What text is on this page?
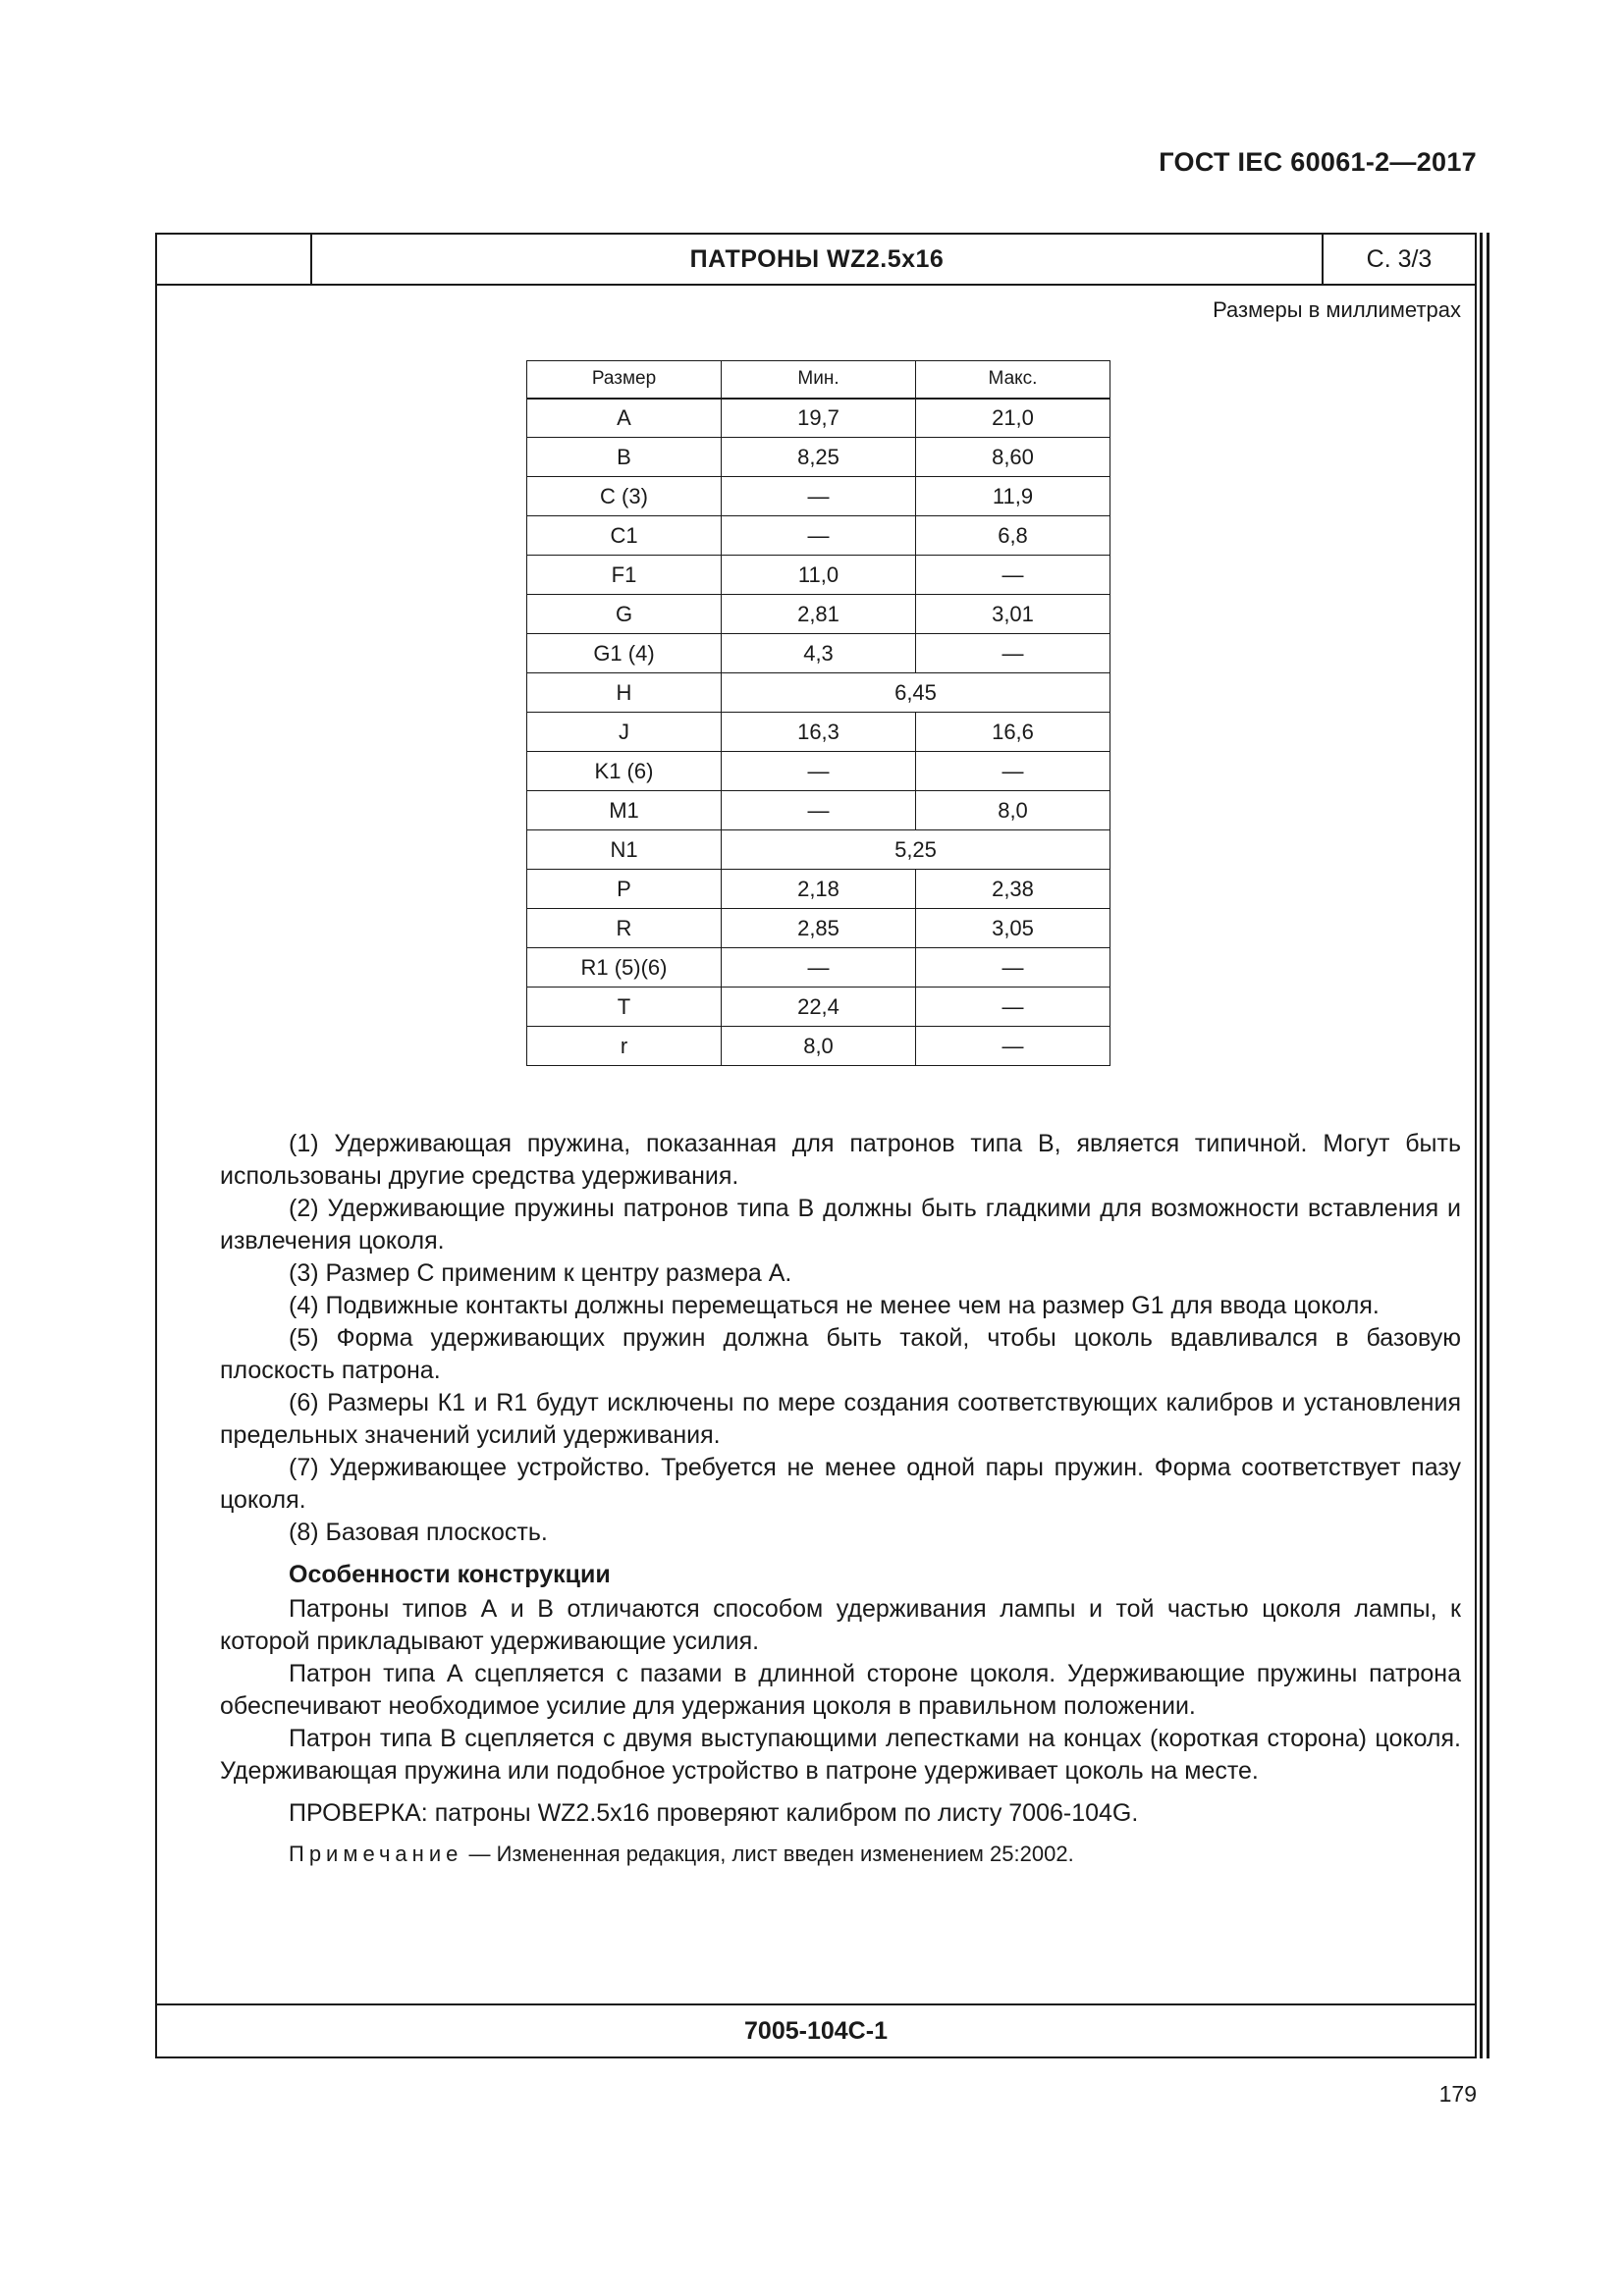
ГОСТ IEC 60061-2—2017
ПАТРОНЫ WZ2.5x16	С. 3/3
Размеры в миллиметрах
Размер	Мин.	Макс.
A	19,7	21,0
B	8,25	8,60
C (3)	—	11,9
C1	—	6,8
F1	11,0	—
G	2,81	3,01
G1 (4)	4,3	—
H	6,45	
J	16,3	16,6
K1 (6)	—	—
M1	—	8,0
N1	5,25	
P	2,18	2,38
R	2,85	3,05
R1 (5)(6)	—	—
T	22,4	—
r	8,0	—

(1) Удерживающая пружина, показанная для патронов типа В, является типичной. Могут быть использованы другие средства удерживания.

(2) Удерживающие пружины патронов типа В должны быть гладкими для возможности вставления и извлечения цоколя.

(3) Размер С применим к центру размера А.

(4) Подвижные контакты должны перемещаться не менее чем на размер G1 для ввода цоколя.

(5) Форма удерживающих пружин должна быть такой, чтобы цоколь вдавливался в базовую плоскость патрона.

(6) Размеры К1 и R1 будут исключены по мере создания соответствующих калибров и установления предельных значений усилий удерживания.

(7) Удерживающее устройство. Требуется не менее одной пары пружин. Форма соответствует пазу цоколя.

(8) Базовая плоскость.

Особенности конструкции

Патроны типов А и В отличаются способом удерживания лампы и той частью цоколя лампы, к которой прикладывают удерживающие усилия.

Патрон типа А сцепляется с пазами в длинной стороне цоколя. Удерживающие пружины патрона обеспечивают необходимое усилие для удержания цоколя в правильном положении.

Патрон типа В сцепляется с двумя выступающими лепестками на концах (короткая сторона) цоколя. Удерживающая пружина или подобное устройство в патроне удерживает цоколь на месте.

ПРОВЕРКА: патроны WZ2.5x16 проверяют калибром по листу 7006-104G.

Примечание — Измененная редакция, лист введен изменением 25:2002.

7005-104С-1
179
